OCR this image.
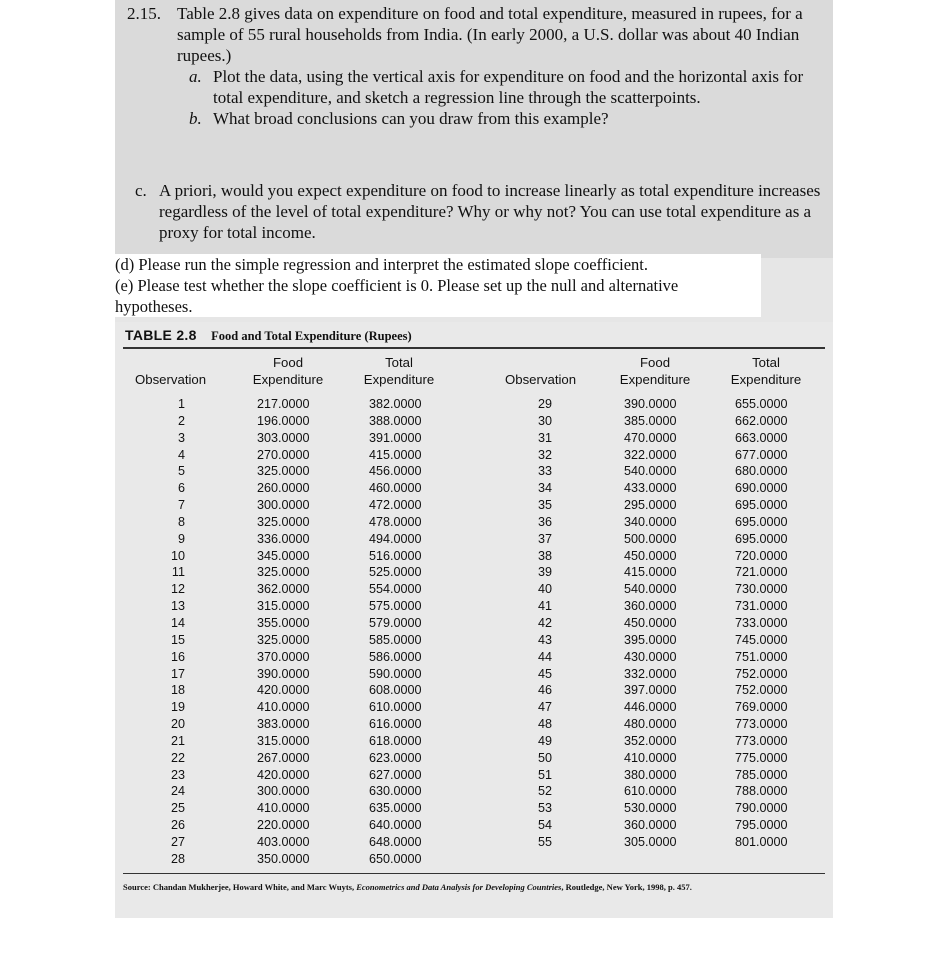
2.15. Table 2.8 gives data on expenditure on food and total expenditure, measured in rupees, for a sample of 55 rural households from India. (In early 2000, a U.S. dollar was about 40 Indian rupees.)
a. Plot the data, using the vertical axis for expenditure on food and the horizontal axis for total expenditure, and sketch a regression line through the scatterpoints.
b. What broad conclusions can you draw from this example?
c. A priori, would you expect expenditure on food to increase linearly as total expenditure increases regardless of the level of total expenditure? Why or why not? You can use total expenditure as a proxy for total income.
TABLE 2.8 Food and Total Expenditure (Rupees)
Observation
Food
Expenditure
Total
Expenditure	Observation
Food
Expenditure
Total
Expenditure
1
2
3
4
5
6
7
8
9
10
11
12
13
14
15
16
17
18
19
20
21
22
23
24
25
26
27
28
217.0000
196.0000
303.0000
270.0000
325.0000
260.0000
300.0000
325.0000
336.0000
345.0000
325.0000
362.0000
315.0000
355.0000
325.0000
370.0000
390.0000
420.0000
410.0000
383.0000
315.0000
267.0000
420.0000
300.0000
410.0000
220.0000
403.0000
350.0000
382.0000
388.0000
391.0000
415.0000
456.0000
460.0000
472.0000
478.0000
494.0000
516.0000
525.0000
554.0000
575.0000
579.0000
585.0000
586.0000
590.0000
608.0000
610.0000
616.0000
618.0000
623.0000
627.0000
630.0000
635.0000
640.0000
648.0000
650.0000
29
30
31
32
33
34
35
36
37
38
39
40
41
42
43
44
45
46
47
48
49
50
51
52
53
54
55
390.0000
385.0000
470.0000
322.0000
540.0000
433.0000
295.0000
340.0000
500.0000
450.0000
415.0000
540.0000
360.0000
450.0000
395.0000
430.0000
332.0000
397.0000
446.0000
480.0000
352.0000
410.0000
380.0000
610.0000
530.0000
360.0000
305.0000
655.0000
662.0000
663.0000
677.0000
680.0000
690.0000
695.0000
695.0000
695.0000
720.0000
721.0000
730.0000
731.0000
733.0000
745.0000
751.0000
752.0000
752.0000
769.0000
773.0000
773.0000
775.0000
785.0000
788.0000
790.0000
795.0000
801.0000
Source: Chandan Mukherjee, Howard White, and Marc Wuyts, Econometrics and Data Analysis for Developing Countries, Routledge, New York, 1998, p. 457.
(d) Please run the simple regression and interpret the estimated slope coefficient.
(e) Please test whether the slope coefficient is 0. Please set up the null and alternative hypotheses.
